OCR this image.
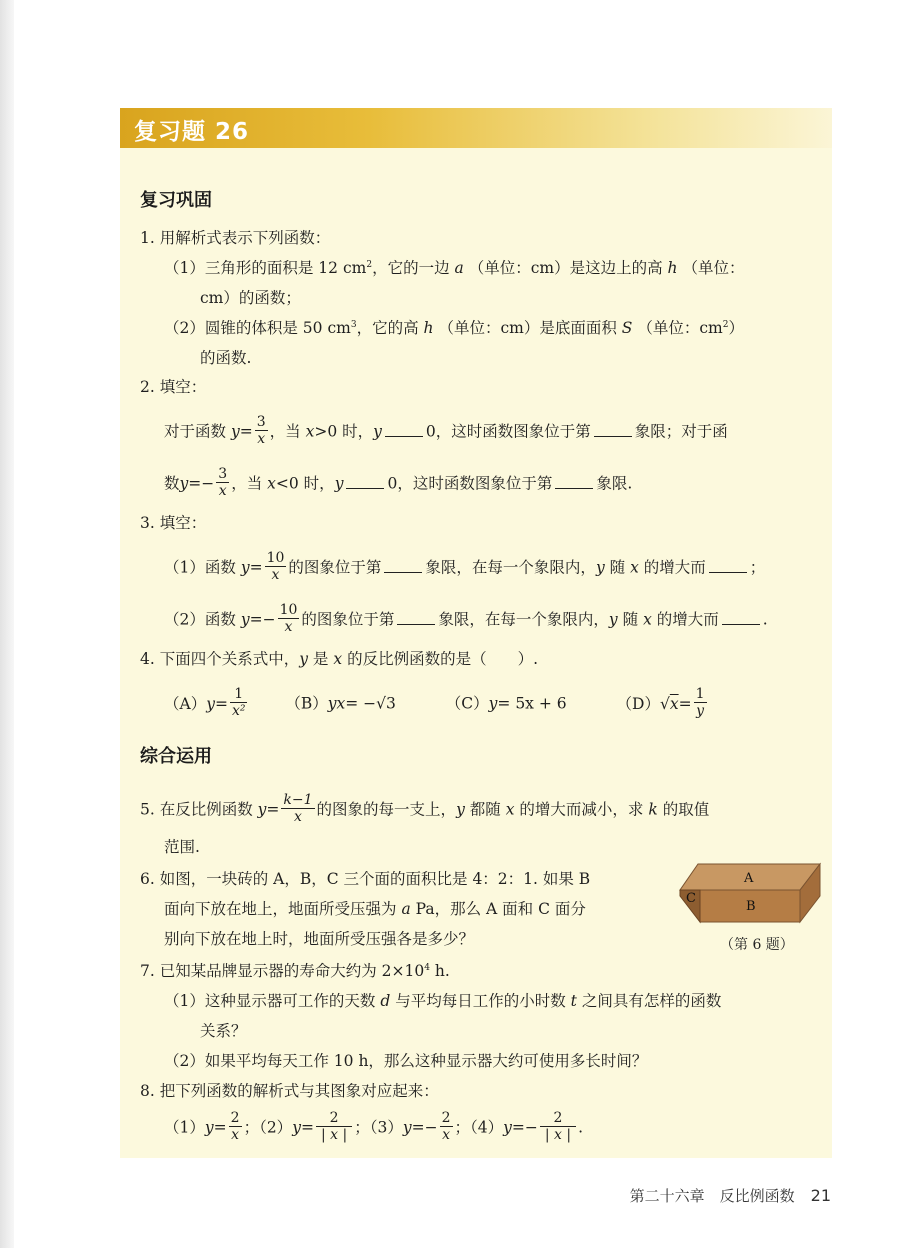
复习题 26
复习巩固
1. 用解析式表示下列函数：
（1）三角形的面积是 12 $cm^2$，它的一边 a （单位：cm）是这边上的高 h （单位：
cm）的函数；
（2）圆锥的体积是 50 $cm^3$，它的高 h （单位：cm）是底面面积 S （单位：$cm^2$）
的函数.
2. 填空：
对于函数 $y= \frac{3}{x}$ ，当 x>0 时，y	0，这时函数图象位于第	象限；对于函
数$y=- \frac{3}{x}$ ，当 x<0 时，y	0，这时函数图象位于第	象限.
3. 填空：
（1）函数 $y= \frac{10}{x}$ 的图象位于第	象限，在每一个象限内，y 随 x 的增大而	；
（2）函数 $y=- \frac{10}{x}$ 的图象位于第	象限，在每一个象限内，y 随 x 的增大而	.
4. 下面四个关系式中，y 是 x 的反比例函数的是（　　）.
$(A)y= \frac{1}{\text{x²}} (B)yx= -√3$	（C）y= 5x + 6	$(D)√x= \frac{1}{y}$
综合运用
5. 在反比例函数 $y= \frac{k-1}{x}$ 的图象的每一支上，y 都随 x 的增大而减小，求 k 的取值
范围.
6. 如图，一块砖的 A，B，C 三个面的面积比是 4：2：1. 如果 B
面向下放在地上，地面所受压强为 a Pa，那么 A 面和 C 面分
别向下放在地上时，地面所受压强各是多少？
7. 已知某品牌显示器的寿命大约为 $2\times 10^4$ h.
（1）这种显示器可工作的天数 d 与平均每日工作的小时数 t 之间具有怎样的函数
关系？
（2）如果平均每天工作 10 h，那么这种显示器大约可使用多长时间？
8. 把下列函数的解析式与其图象对应起来：
$(1)y= \frac{2}{x}$ ；$(2)y= \frac{2}{| x |}$ ；$(3)y=- \frac{2}{x}$ ；$(4)y=- \frac{2}{| x |}$ .
A
B
C
（第 6 题）
第二十六章　反比例函数 21
